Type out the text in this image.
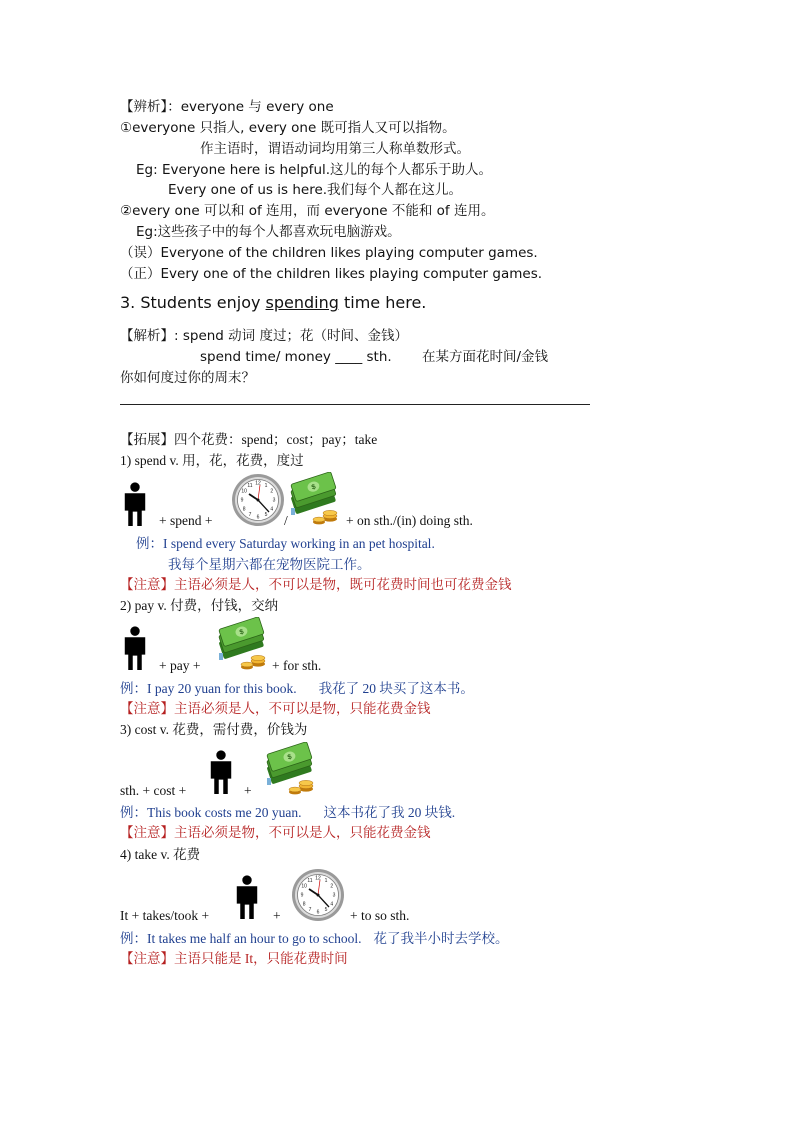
【辨析】：everyone 与 every one
①everyone 只指人, every one 既可指人又可以指物。
作主语时，谓语动词均用第三人称单数形式。
Eg: Everyone here is helpful.这儿的每个人都乐于助人。
Every one of us is here.我们每个人都在这儿。
②every one 可以和 of 连用，而 everyone 不能和 of 连用。
Eg:这些孩子中的每个人都喜欢玩电脑游戏。
（误）Everyone of the children likes playing computer games.
（正）Every one of the children likes playing computer games.
3. Students enjoy spending time here.
【解析】: spend 动词 度过；花（时间、金钱）
spend time/ money ____ sth. 在某方面花时间/金钱
你如何度过你的周末？
【拓展】四个花费：spend；cost；pay；take
1) spend v. 用，花，花费，度过
+ spend +	/	+ on sth./(in) doing sth.
例：I spend every Saturday working in an pet hospital.
我每个星期六都在宠物医院工作。
【注意】主语必须是人，不可以是物，既可花费时间也可花费金钱
2) pay v. 付费，付钱，交纳
+ pay +	+ for sth.
例：I pay 20 yuan for this book. 我花了 20 块买了这本书。
【注意】主语必须是人，不可以是物，只能花费金钱
3) cost v. 花费，需付费，价钱为
sth. + cost +	+
例：This book costs me 20 yuan. 这本书花了我 20 块钱.
【注意】主语必须是物，不可以是人，只能花费金钱
4) take v. 花费
It + takes/took +	+	+ to so sth.
例：It takes me half an hour to go to school. 花了我半小时去学校。
【注意】主语只能是 It，只能花费时间
